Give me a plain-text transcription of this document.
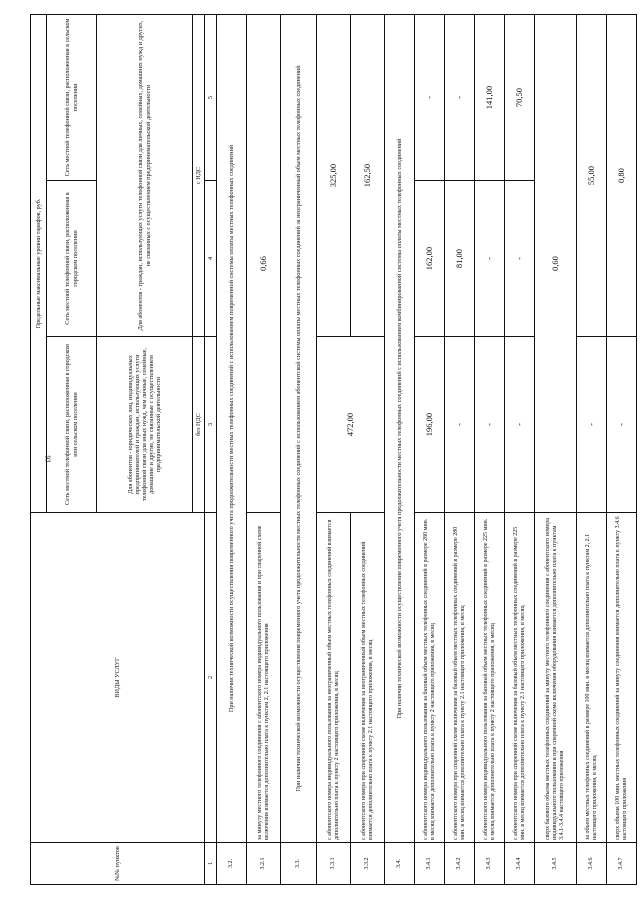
93
№№ пунктов	ВИДЫ УСЛУГ	Предельные максимальные уровни тарифов, руб.		
		Сеть местной телефонной связи, расположенная в городском или сельском поселении	Сеть местной телефонной связи, расположенная в городском поселении	Сеть местной телефонной связи, расположенная в сельском поселении
		Для абонентов - юридических лиц, индивидуальных предпринимателей и граждан, использующих услуги телефонной связи для иных нужд, чем личные, семейные, домашние и другие, не связанные с осуществлением предпринимательской деятельности	Для абонентов - граждан, использующих услуги телефонной связи для личных, семейных, домашних нужд и других, не связанных с осуществлением предпринимательской деятельности	
		без НДС	с НДС	
1	2	3	4	5
3.2.	При наличии технической возможности осуществления повременного учета продолжительности местных телефонных соединений с использованием повременной системы оплаты местных телефонных соединений			
3.2.1	за минуту местного телефонного соединения с абонентского номера индивидуального пользования и при спаренной схеме включения взимается дополнительно плата к пунктам 2, 2.1 настоящего приложения	0,66		
3.3.	При наличии технической возможности осуществления повременного учета продолжительности местных телефонных соединений с использованием абонентской системы оплаты местных телефонных соединений за неограниченный объем местных телефонных соединений			
3.3.1	с абонентского номера индивидуального пользования за неограниченный объем местных телефонных соединений взимается дополнительно плата к пункту 2 настоящего приложения, в месяц	472,00	325,00	
3.3.2	с абонентского номера при спаренной схеме включения за неограниченный объем местных телефонных соединений взимается дополнительно плата к пункту 2.1 настоящего приложения, в месяц		162,50	
3.4.	При наличии технической возможности осуществления повременного учета продолжительности местных телефонных соединений с использованием комбинированной системы оплаты местных телефонных соединений			
3.4.1	с абонентского номера индивидуального пользования за базовый объем местных телефонных соединений в размере 280 мин. в месяц взимается дополнительно плата к пункту 2 настоящего приложения, в месяц	196,00	162,00	-
3.4.2	с абонентского номера при спаренной схеме включения за базовый объем местных телефонных соединений в размере 280 мин. в месяц взимается дополнительно плата к пункту 2.1 настоящего приложения, в месяц	-	81,00	-
3.4.3	с абонентского номера индивидуального пользования за базовый объем местных телефонных соединений в размере 225 мин. в месяц взимается дополнительно плата к пункту 2 настоящего приложения, в месяц	-	-	141,00
3.4.4	с абонентского номера при спаренной схеме включения за базовый объем местных телефонных соединений в размере 225 мин. в месяц взимается дополнительно плата к пункту 2.1 настоящего приложения, в месяц	-	-	70,50
3.4.5	сверх базового объема местных телефонных соединений за минуту местного телефонного соединения с абонентского номера индивидуального пользования и при спаренной схеме включения оборудования взимается дополнительно плата к пунктам 3.4.1-3.4.4 настоящего приложения	0,60		
3.4.6	за объем местных телефонных соединений в размере 100 мин. в месяц взимается дополнительно плата к пунктам 2, 2.1 настоящего приложения, в месяц	-	55,00	
3.4.7	сверх объема 100 мин. местных телефонных соединений за минуту соединения взимается дополнительно плата к пункту 3.4.6 настоящего приложения	-	0,80	
